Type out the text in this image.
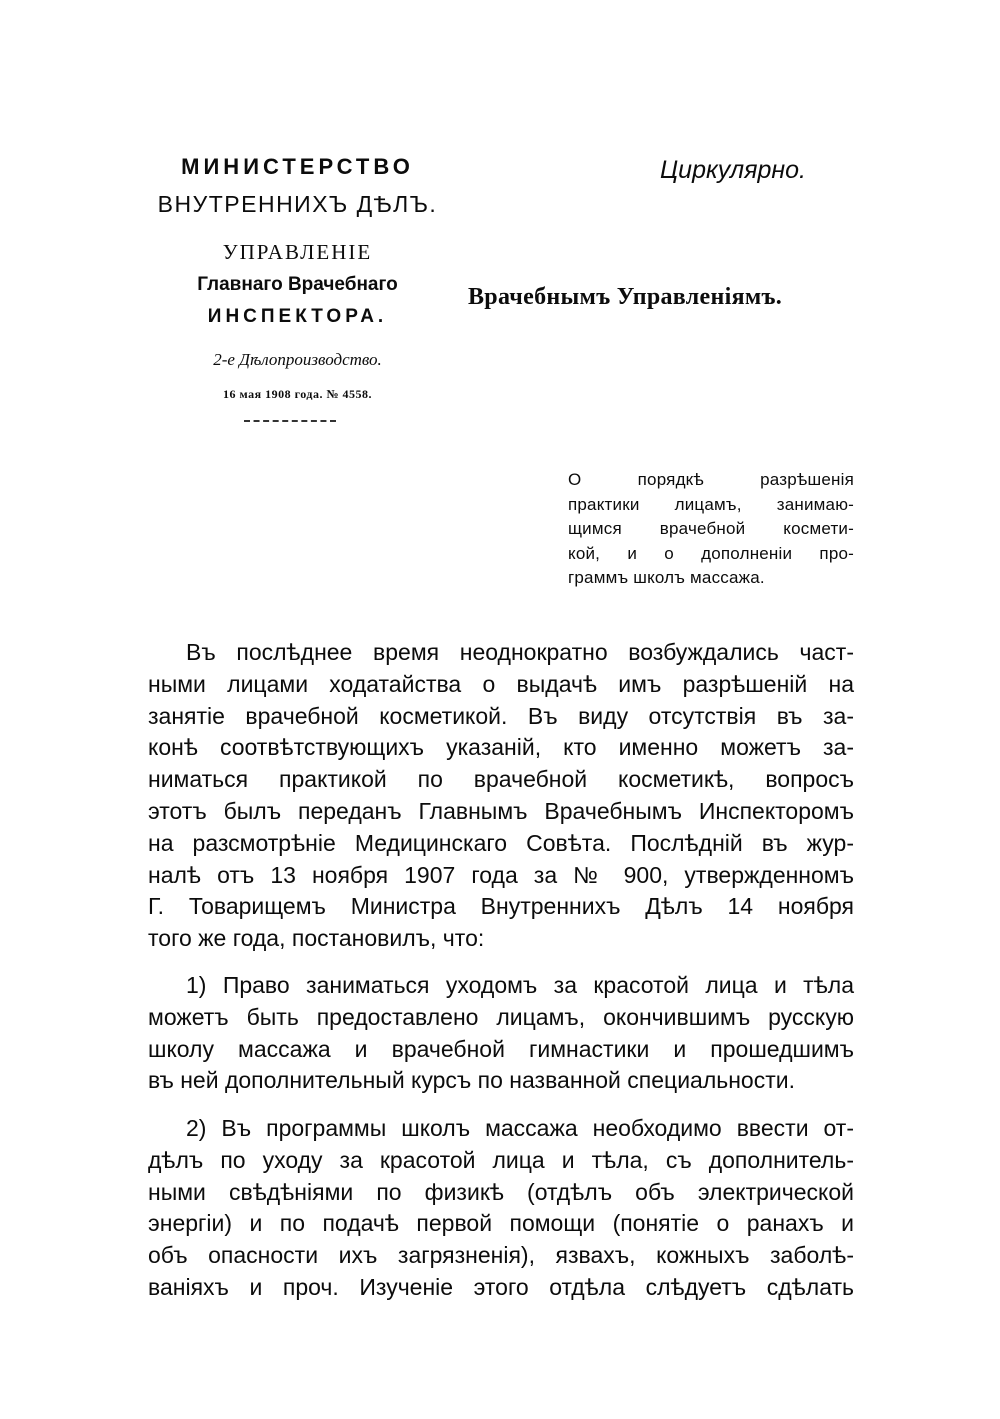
МИНИСТЕРСТВО
ВНУТРЕННИХЪ ДѢЛЪ.
УПРАВЛЕНІЕ
Главнаго Врачебнаго
ИНСПЕКТОРА.
2-е Дѣлопроизводство.
16 мая 1908 года. № 4558.
Циркулярно.
Врачебнымъ Управленіямъ.
О порядкѣ разрѣшенія
практики лицамъ, занимаю-
щимся врачебной космети-
кой, и о дополненіи про-
граммъ школъ массажа.
Въ послѣднее время неоднократно возбуждались част-
ными лицами ходатайства о выдачѣ имъ разрѣшеній на
занятіе врачебной косметикой. Въ виду отсутствія въ за-
конѣ соотвѣтствующихъ указаній, кто именно можетъ за-
ниматься практикой по врачебной косметикѣ, вопросъ
этотъ былъ переданъ Главнымъ Врачебнымъ Инспекторомъ
на разсмотрѣніе Медицинскаго Совѣта. Послѣдній въ жур-
налѣ отъ 13 ноября 1907 года за № 900, утвержденномъ
Г. Товарищемъ Министра Внутреннихъ Дѣлъ 14 ноября
того же года, постановилъ, что:
1) Право заниматься уходомъ за красотой лица и тѣла
можетъ быть предоставлено лицамъ, окончившимъ русскую
школу массажа и врачебной гимнастики и прошедшимъ
въ ней дополнительный курсъ по названной специальности.
2) Въ программы школъ массажа необходимо ввести от-
дѣлъ по уходу за красотой лица и тѣла, съ дополнитель-
ными свѣдѣніями по физикѣ (отдѣлъ объ электрической
энергіи) и по подачѣ первой помощи (понятіе о ранахъ и
объ опасности ихъ загрязненія), язвахъ, кожныхъ заболѣ-
ваніяхъ и проч. Изученіе этого отдѣла слѣдуетъ сдѣлать
